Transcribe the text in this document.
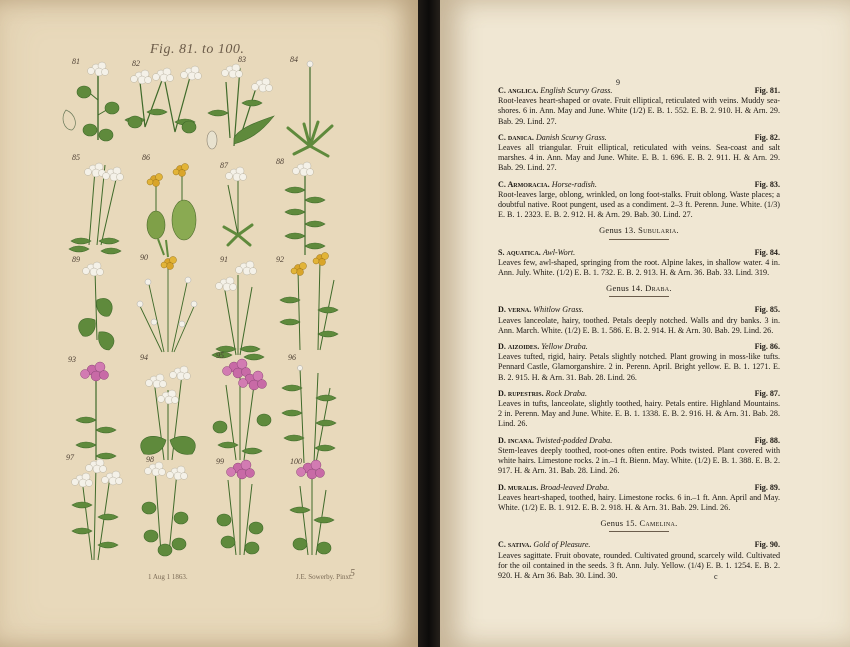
Fig. 81. to 100.
81	82	83	84
85	86
87	88
89	90	91	92
93	94	95	96
97	98	99	100
1 Aug 1 1863.	J.E. Sowerby. Pinxt.
5
9
C. anglica. English Scurvy Grass.	Fig. 81.
Root-leaves heart-shaped or ovate. Fruit elliptical, reticulated with veins. Muddy sea-shores. 6 in. Ann. May and June. White (1/2) E. B. 1. 552. E. B. 2. 910. H. & Arn. 29. Bab. 29. Lind. 27.
C. danica. Danish Scurvy Grass.	Fig. 82.
Leaves all triangular. Fruit elliptical, reticulated with veins. Sea-coast and salt marshes. 4 in. Ann. May and June. White. E. B. 1. 696. E. B. 2. 911. H. & Arn. 29. Bab. 29. Lind. 27.
C. Armoracia. Horse-radish.	Fig. 83.
Root-leaves large, oblong, wrinkled, on long foot-stalks. Fruit oblong. Waste places; a doubtful native. Root pungent, used as a condiment. 2–3 ft. Perenn. June. White. (1/3) E. B. 1. 2323. E. B. 2. 912. H. & Arn. 29. Bab. 30. Lind. 27.
Genus 13. Subularia.
S. aquatica. Awl-Wort.	Fig. 84.
Leaves few, awl-shaped, springing from the root. Alpine lakes, in shallow water. 4 in. Ann. July. White. (1/2) E. B. 1. 732. E. B. 2. 913. H. & Arn. 36. Bab. 33. Lind. 319.
Genus 14. Draba.
D. verna. Whitlow Grass.	Fig. 85.
Leaves lanceolate, hairy, toothed. Petals deeply notched. Walls and dry banks. 3 in. Ann. March. White. (1/2) E. B. 1. 586. E. B. 2. 914. H. & Arn. 30. Bab. 29. Lind. 26.
D. aizoides. Yellow Draba.	Fig. 86.
Leaves tufted, rigid, hairy. Petals slightly notched. Plant growing in moss-like tufts. Pennard Castle, Glamorganshire. 2 in. Perenn. April. Bright yellow. E. B. 1. 1271. E. B. 2. 915. H. & Arn. 31. Bab. 28. Lind. 26.
D. rupestris. Rock Draba.	Fig. 87.
Leaves in tufts, lanceolate, slightly toothed, hairy. Petals entire. Highland Mountains. 2 in. Perenn. May and June. White. E. B. 1. 1338. E. B. 2. 916. H. & Arn. 31. Bab. 28. Lind. 26.
D. incana. Twisted-podded Draba.	Fig. 88.
Stem-leaves deeply toothed, root-ones often entire. Pods twisted. Plant covered with white hairs. Limestone rocks. 2 in.–1 ft. Bienn. May. White. (1/2) E. B. 1. 388. E. B. 2. 917. H. & Arn. 31. Bab. 28. Lind. 26.
D. muralis. Broad-leaved Draba.	Fig. 89.
Leaves heart-shaped, toothed, hairy. Limestone rocks. 6 in.–1 ft. Ann. April and May. White. (1/2) E. B. 1. 912. E. B. 2. 918. H. & Arn. 31. Bab. 29. Lind. 26.
Genus 15. Camelina.
C. sativa. Gold of Pleasure.	Fig. 90.
Leaves sagittate. Fruit obovate, rounded. Cultivated ground, scarcely wild. Cultivated for the oil contained in the seeds. 3 ft. Ann. July. Yellow. (1/4) E. B. 1. 1254. E. B. 2. 920. H. & Arn 36. Bab. 30. Lind. 30.	c
